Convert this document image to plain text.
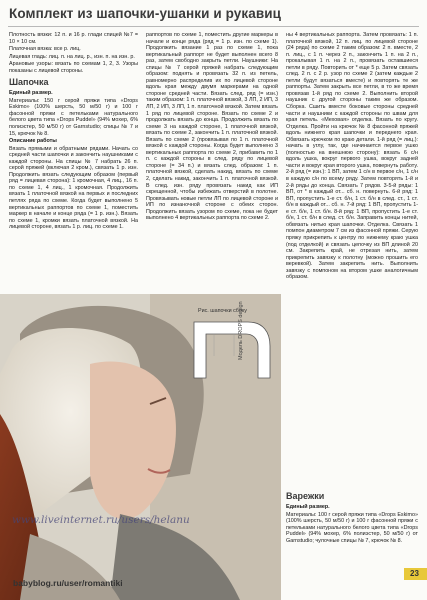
Комплект из шапочки-ушанки и рукавиц

Плотность вязки: 12 п. и 16 р. глади спицей №7 = 10 × 10 см.

Платочная вязка: все р. лиц.

Лицевая гладь: лиц. п. на лиц. р., изн. п. на изн. р.

Арановые узоры: вязать по схемам 1, 2, 3. Узоры показаны с лицевой стороны.

Шапочка

Единый размер.

Материалы: 150 г серой пряжи типа «Drops Eskimo» (100% шерсть, 50 м/50 г) и 100 г фасонной пряжи с петельками натурального белого цвета типа «Drops Puddel» (94% мохер, 6% полиэстер, 50 м/50 г) от Garnstudio; спицы № 7 и 15, крючок № 8.

Описание работы

Вязать прямыми и обратными рядами. Начать со средней части шапочки и закончить наушниками с каждой стороны. На спицы № 7 набрать 26 п. серой пряжей (включая 2 кром.), связать 1 р. изн. Продолжить вязать следующим образом (первый ряд = лицевая сторона): 1 кромочная, 4 лиц., 16 п. по схеме 1, 4 лиц., 1 кромочная. Продолжить вязать 1 платочной вязкой на первых и последних петлях ряда по схеме. Когда будет выполнено 5 вертикальных раппортов по схеме 1, поместить маркер в начале и конце ряда (= 1 р. изн.). Вязать по схеме 1, кромки вязать платочной вязкой. На лицевой стороне, вязать 1 р. лиц. по схеме 1.

раппортов по схеме 1, поместить другие маркеры в начале и конце ряда (ряд = 1 р. изн. по схеме 1). Продолжить вязание 1 раз по схеме 1, пока вертикальный раппорт не будет выполнен всего 8 раз, затем свободно закрыть петли. Наушники: На спицы № 7 серой пряжей набрать следующим образом: поднять и провязать 32 п. из петель, равномерно распределив их по лицевой стороне вдоль края между двумя маркерами на одной стороне средней части. Вязать след. ряд (= изн.) таким образом: 1 п. платочной вязкой, 3 ЛП, 2 ИП, 3 ЛП, 2 ИП, 3 ЛП, 1 п. платочной вязкой. Затем вязать 1 ряд по лицевой стороне. Вязать по схеме 2 и продолжать вязать до конца. Продолжить вязать по схеме 3 на каждой стороне, 1 платочной вязкой, вязать по схеме 2, закончить 1 п. платочной вязкой. Вязать по схеме 2 (провязывая по 1 п. платочной вязкой с каждой стороны. Когда будет выполнено 3 вертикальных раппорта по схеме 2, прибавить по 1 п. с каждой стороны в след. ряду по лицевой стороне (= 34 п.) и вязать след. образом: 1 п. платочной вязкой, сделать накид, вязать по схеме 2, сделать накид, закончить 1 п. платочной вязкой. В след. изн. ряду провязать накид как ИП скрещенной, чтобы избежать отверстий в полотне. Провязывать новые петли ЛП по лицевой стороне и ИП по изнаночной стороне с обеих сторон. Продолжить вязать узором по схеме, пока не будет выполнено 4 вертикальных раппорта по схеме 2.

ны 4 вертикальных раппорта. Затем провязать: 1 п. платочной вязкой, 12 п. лиц. по лицевой стороне (24 ряда) по схеме 2 таким образом: 2 п. вместе, 2 п. лиц., с 1 п. через 2 п., закончить 1 п. на 2 п., прокалывая 1 п. на 2 п., провязать оставшиеся петли в ряду. Повторить от * еще 5 р. Затем связать след. 2 п. с 2 р. узор по схеме 2 (затем каждые 2 петли будут вязаться вместе) и повторять те же раппорты. Затем закрыть все петли, в то же время провязав 1-й ряд по схеме 2. Выполнить второй наушник с другой стороны таким же образом. Сборка. Сшить вместе боковые стороны средней части и наушники с каждой стороны по швам для края петель. «Меховая» отделка. Вязать по кругу. Отделка. Пройти на крючок № 8 фасонной пряжей вдоль нижнего края шапочки и переднего края. Обвязать крючком по краю детали. 1-й ряд (= лиц.): начать в углу, так, где начинается первое ушко (полностью на внешнюю сторону): вязать 6 с/н вдоль ушка, вокруг первого ушка, вокруг задней части и вокруг края второго ушка, повернуть работу. 2-й ряд (= изн.): 1 ВП, затем 1 с/н в первое с/н, 1 с/н в каждую с/н по всему ряду. Затем повторять 1-й и 2-й ряды до конца. Связать 7 рядов. 3-5-й ряды: 1 ВП, от * в каждый от... сб. н. повернуть. 6-й ряд: 1 ВП, пропустить 1-е ст. б/н, 1 ст. б/н в след. ст., 1 ст. б/н в каждый от... сб. н. 7-й ряд: 1 ВП, пропустить 1-е ст. б/н, 1 ст. б/н. 8-й ряд: 1 ВП, пропустить 1-е ст. б/н, 1 ст. б/н в след. ст. б/н. Заправить концы нитей, обвязать нитью края шапочки. Отделка. Связать 1 помпон диаметром 7 см из фасонной пряжи. Серую пряжу прикрепить к центру по нижнему краю ушка (под отделкой) и связать цепочку из ВП длиной 20 см. Закрепить край, не отрезая нить, затем прикрепить завязку к полотну (можно прошить его веревкой). Затем закрепить нить. Выполнить завязку с помпоном на втором ушке аналогичным образом.

Рис. шапочки сбоку
Модель DROPS design
Варежки

Единый размер.

Материалы: 100 г серой пряжи типа «Drops Eskimo» (100% шерсть, 50 м/50 г) и 100 г фасонной пряжи с петельками натурального белого цвета типа «Drops Puddel» (94% мохер, 6% полиэстер, 50 м/50 г) от Garnstudio; чулочные спицы № 7, крючок № 8.

www.liveinternet.ru/users/helanu
babyblog.ru/user/romantiki
23
